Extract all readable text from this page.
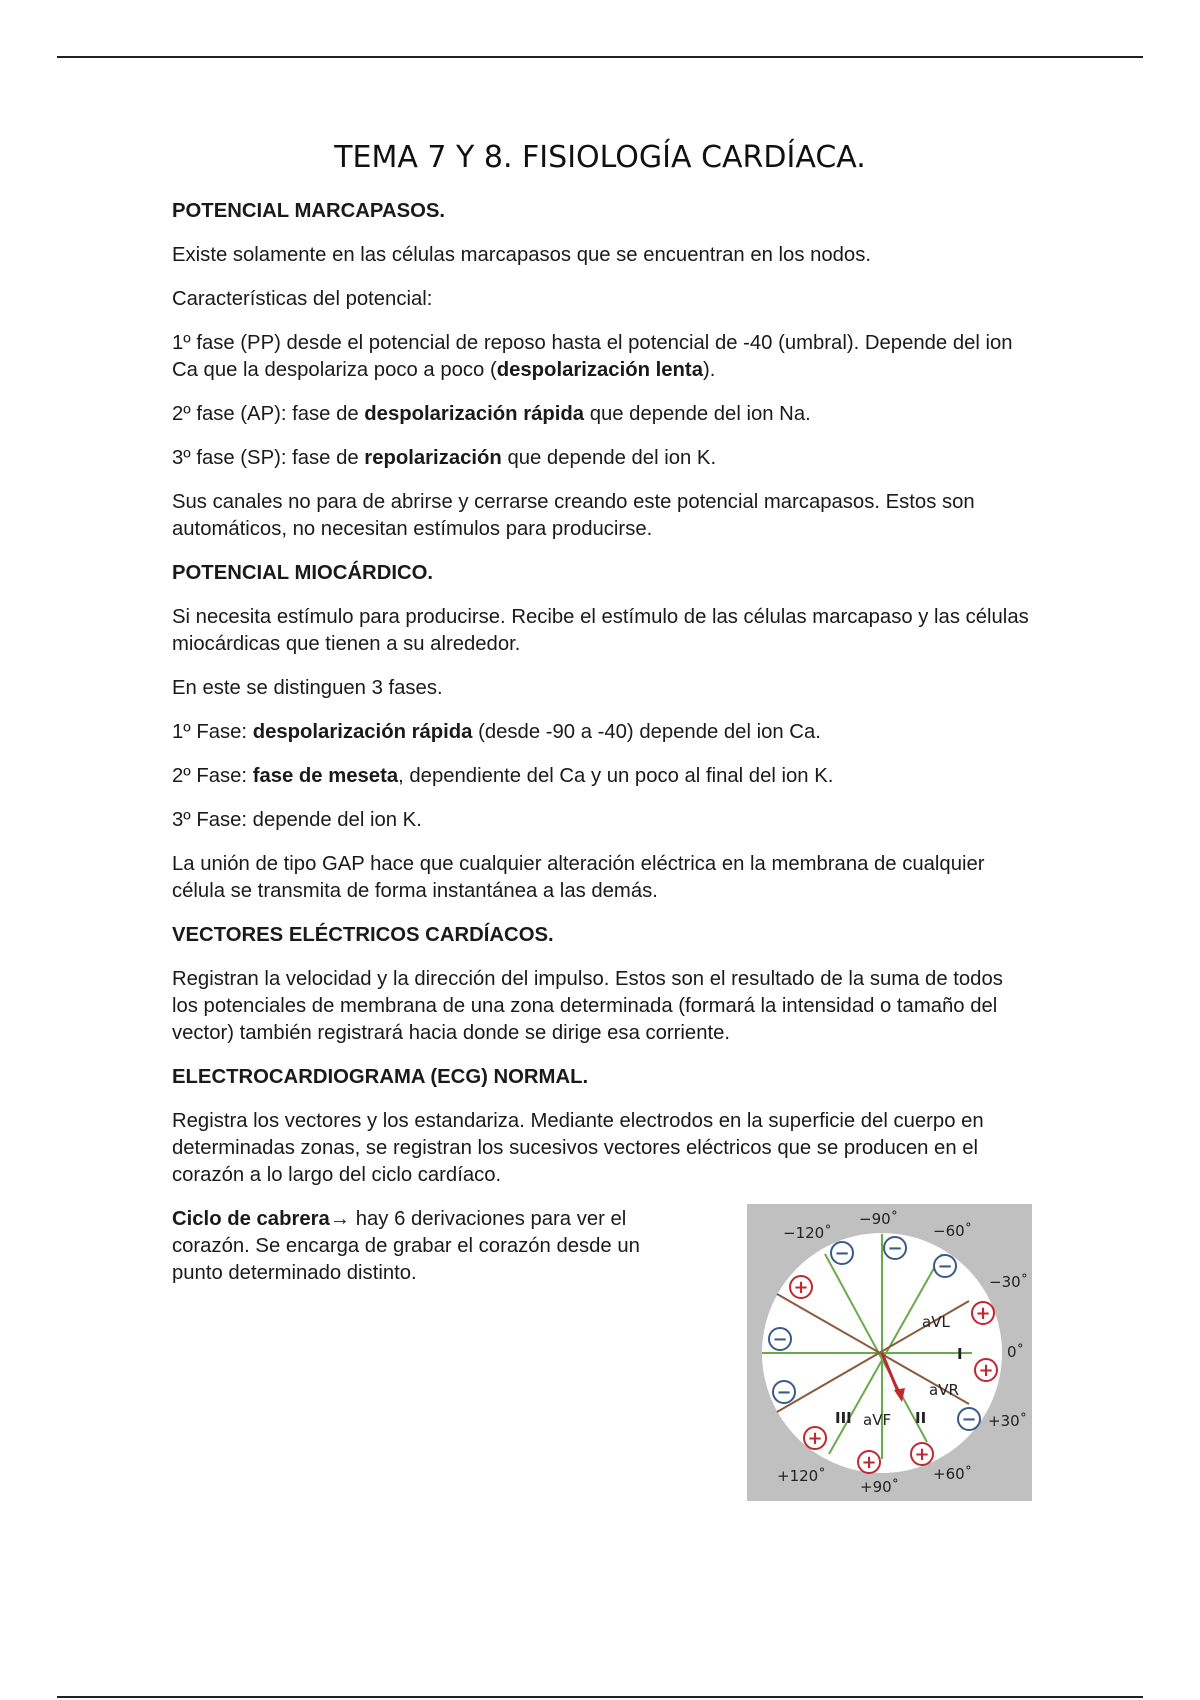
TEMA 7 Y 8. FISIOLOGÍA CARDÍACA.
POTENCIAL MARCAPASOS.

Existe solamente en las células marcapasos que se encuentran en los nodos.

Características del potencial:

1º fase (PP) desde el potencial de reposo hasta el potencial de -40 (umbral). Depende del ion Ca que la despolariza poco a poco (despolarización lenta).

2º fase (AP): fase de despolarización rápida que depende del ion Na.

3º fase (SP): fase de repolarización que depende del ion K.

Sus canales no para de abrirse y cerrarse creando este potencial marcapasos. Estos son automáticos, no necesitan estímulos para producirse.

POTENCIAL MIOCÁRDICO.

Si necesita estímulo para producirse. Recibe el estímulo de las células marcapaso y las células miocárdicas que tienen a su alrededor.

En este se distinguen 3 fases.

1º Fase: despolarización rápida (desde -90 a -40) depende del ion Ca.

2º Fase: fase de meseta, dependiente del Ca y un poco al final del ion K.

3º Fase: depende del ion K.

La unión de tipo GAP hace que cualquier alteración eléctrica en la membrana de cualquier célula se transmita de forma instantánea a las demás.

VECTORES ELÉCTRICOS CARDÍACOS.

Registran la velocidad y la dirección del impulso. Estos son el resultado de la suma de todos los potenciales de membrana de una zona determinada (formará la intensidad o tamaño del vector) también registrará hacia donde se dirige esa corriente.

ELECTROCARDIOGRAMA (ECG) NORMAL.

Registra los vectores y los estandariza. Mediante electrodos en la superficie del cuerpo en determinadas zonas, se registran los sucesivos vectores eléctricos que se producen en el corazón a lo largo del ciclo cardíaco.

Ciclo de cabrera→ hay 6 derivaciones para ver el corazón. Se encarga de grabar el corazón desde un punto determinado distinto.

− −
−
−
−
−
+
+
+
+
+ +
−120˚
−90˚
−60˚
−30˚
0˚
+30˚
+60˚
+90˚
+120˚
aVL
I
aVR
III aVF II
